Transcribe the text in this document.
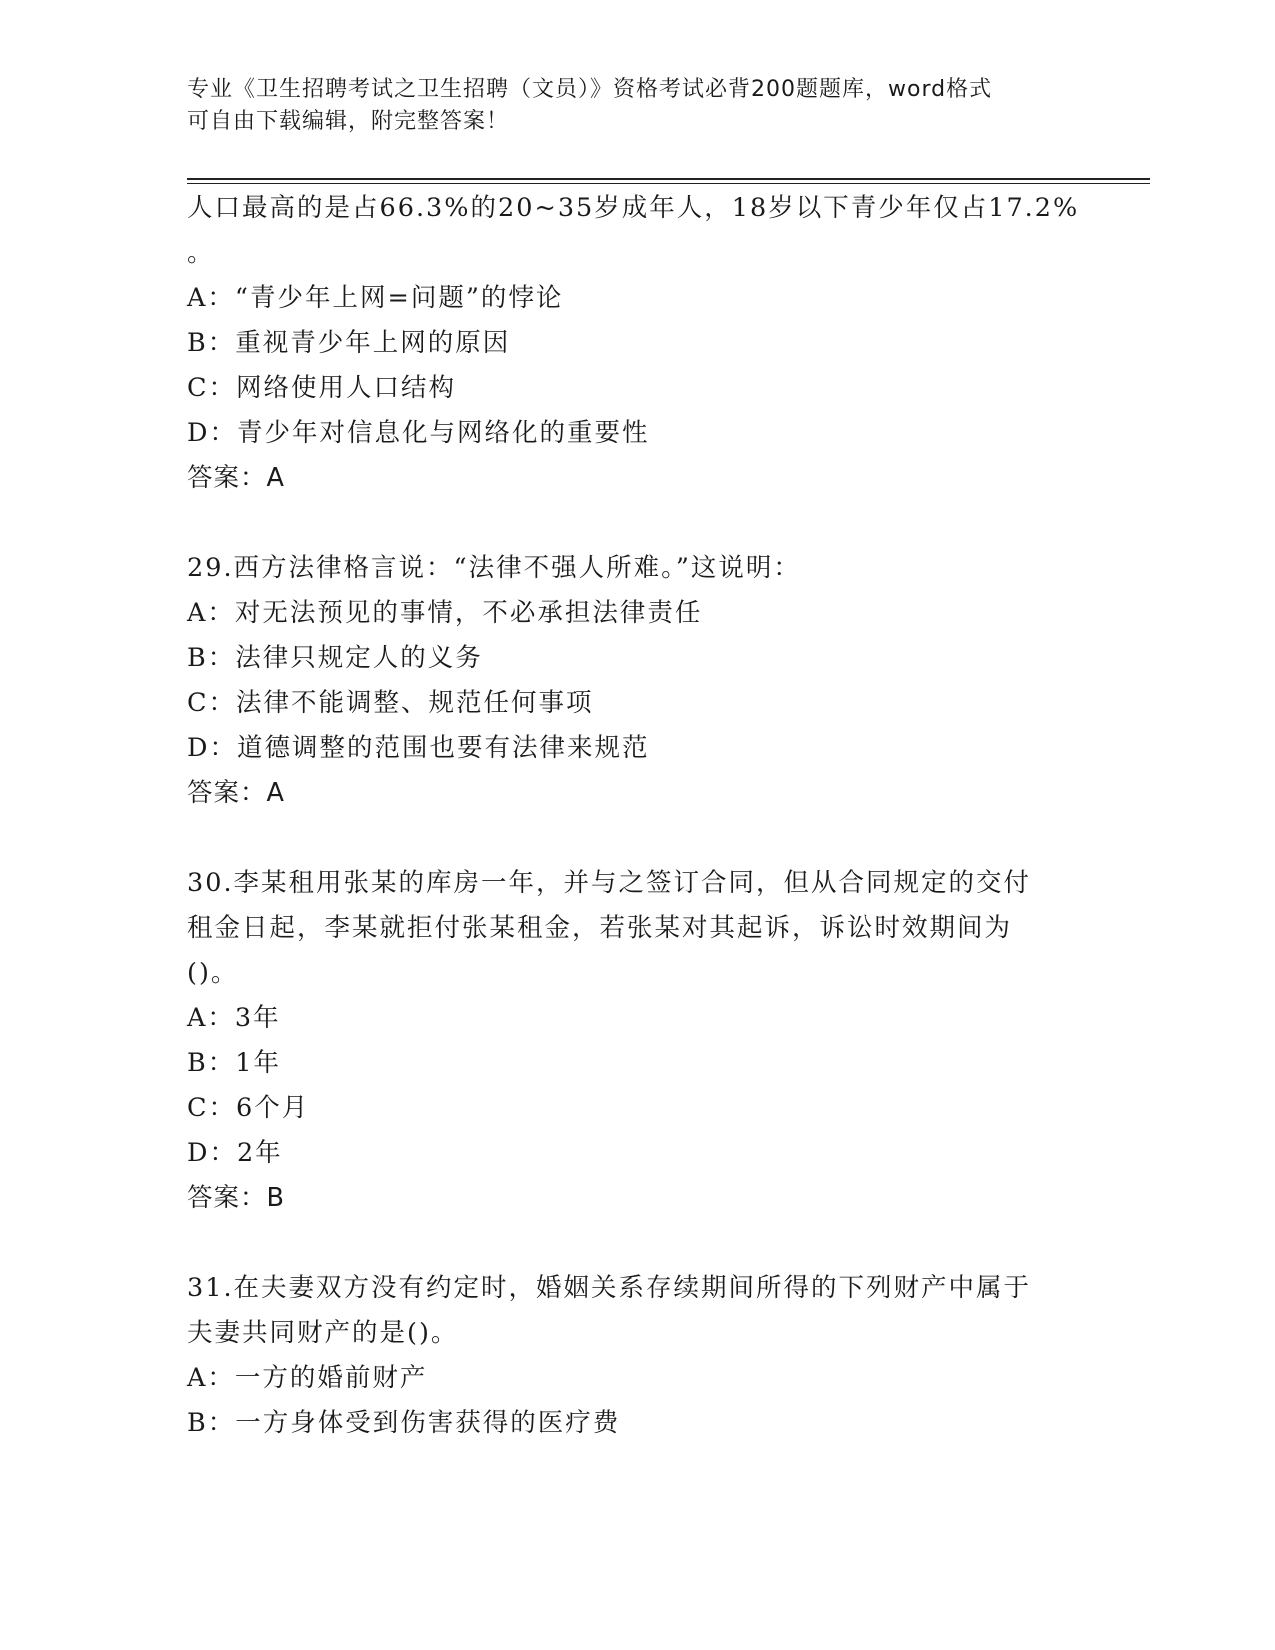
专业《卫生招聘考试之卫生招聘（文员）》资格考试必背200题题库，word格式
可自由下载编辑，附完整答案！
人口最高的是占66.3%的20~35岁成年人，18岁以下青少年仅占17.2%
。
A：“青少年上网=问题”的悖论
B：重视青少年上网的原因
C：网络使用人口结构
D：青少年对信息化与网络化的重要性
答案：A
29.西方法律格言说：“法律不强人所难。”这说明：
A：对无法预见的事情，不必承担法律责任
B：法律只规定人的义务
C：法律不能调整、规范任何事项
D：道德调整的范围也要有法律来规范
答案：A
30.李某租用张某的库房一年，并与之签订合同，但从合同规定的交付
租金日起，李某就拒付张某租金，若张某对其起诉，诉讼时效期间为
()。
A：3年
B：1年
C：6个月
D：2年
答案：B
31.在夫妻双方没有约定时，婚姻关系存续期间所得的下列财产中属于
夫妻共同财产的是()。
A：一方的婚前财产
B：一方身体受到伤害获得的医疗费
